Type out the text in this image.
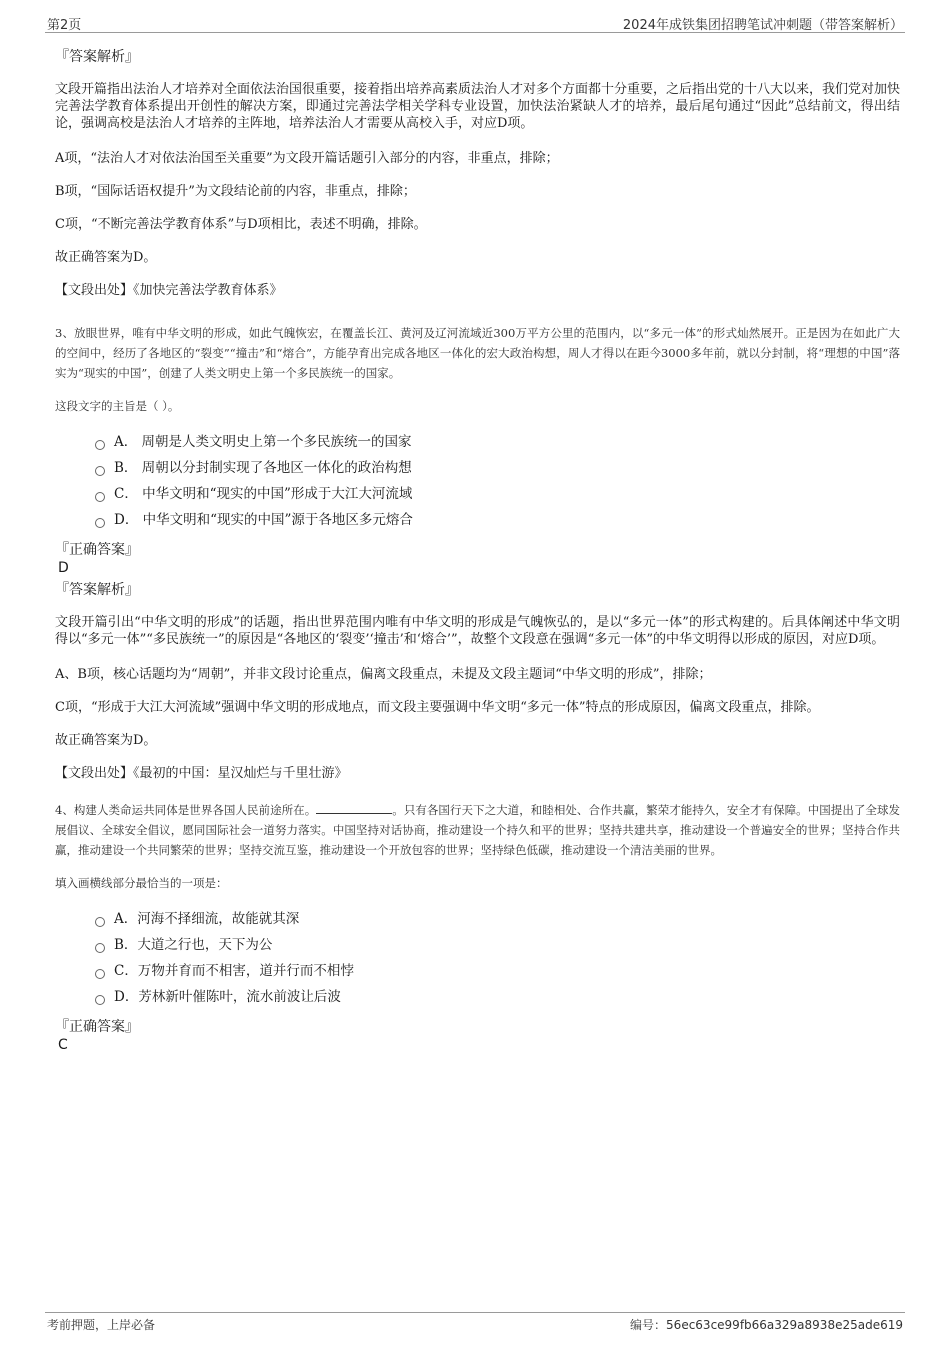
第2页	2024年成铁集团招聘笔试冲刺题（带答案解析）

『答案解析』

文段开篇指出法治人才培养对全面依法治国很重要，接着指出培养高素质法治人才对多个方面都十分重要，之后指出党的十八大以来，我们党对加快完善法学教育体系提出开创性的解决方案，即通过完善法学相关学科专业设置，加快法治紧缺人才的培养，最后尾句通过“因此”总结前文，得出结论，强调高校是法治人才培养的主阵地，培养法治人才需要从高校入手，对应D项。

A项，“法治人才对依法治国至关重要”为文段开篇话题引入部分的内容，非重点，排除；

B项，“国际话语权提升”为文段结论前的内容，非重点，排除；

C项，“不断完善法学教育体系”与D项相比，表述不明确，排除。

故正确答案为D。

【文段出处】《加快完善法学教育体系》

3、放眼世界，唯有中华文明的形成，如此气魄恢宏，在覆盖长江、黄河及辽河流域近300万平方公里的范围内，以“多元一体”的形式灿然展开。正是因为在如此广大的空间中，经历了各地区的“裂变”“撞击”和“熔合”，方能孕育出完成各地区一体化的宏大政治构想，周人才得以在距今3000多年前，就以分封制，将“理想的中国”落实为“现实的中国”，创建了人类文明史上第一个多民族统一的国家。

这段文字的主旨是（ ）。

A． 周朝是人类文明史上第一个多民族统一的国家
B． 周朝以分封制实现了各地区一体化的政治构想
C． 中华文明和“现实的中国”形成于大江大河流域
D． 中华文明和“现实的中国”源于各地区多元熔合

『正确答案』

D

『答案解析』

文段开篇引出“中华文明的形成”的话题，指出世界范围内唯有中华文明的形成是气魄恢弘的，是以“多元一体”的形式构建的。后具体阐述中华文明得以“多元一体”“多民族统一”的原因是“各地区的‘裂变’‘撞击’和‘熔合’”，故整个文段意在强调“多元一体”的中华文明得以形成的原因，对应D项。

A、B项，核心话题均为“周朝”，并非文段讨论重点，偏离文段重点，未提及文段主题词“中华文明的形成”，排除；

C项，“形成于大江大河流域”强调中华文明的形成地点，而文段主要强调中华文明“多元一体”特点的形成原因，偏离文段重点，排除。

故正确答案为D。

【文段出处】《最初的中国：星汉灿烂与千里壮游》

4、构建人类命运共同体是世界各国人民前途所在。	。只有各国行天下之大道，和睦相处、合作共赢，繁荣才能持久，安全才有保障。中国提出了全球发展倡议、全球安全倡议，愿同国际社会一道努力落实。中国坚持对话协商，推动建设一个持久和平的世界；坚持共建共享，推动建设一个普遍安全的世界；坚持合作共赢，推动建设一个共同繁荣的世界；坚持交流互鉴，推动建设一个开放包容的世界；坚持绿色低碳，推动建设一个清洁美丽的世界。

填入画横线部分最恰当的一项是：

A．河海不择细流，故能就其深
B．大道之行也，天下为公
C．万物并育而不相害，道并行而不相悖
D．芳林新叶催陈叶，流水前波让后波

『正确答案』

C

考前押题，上岸必备	编号：56ec63ce99fb66a329a8938e25ade619
